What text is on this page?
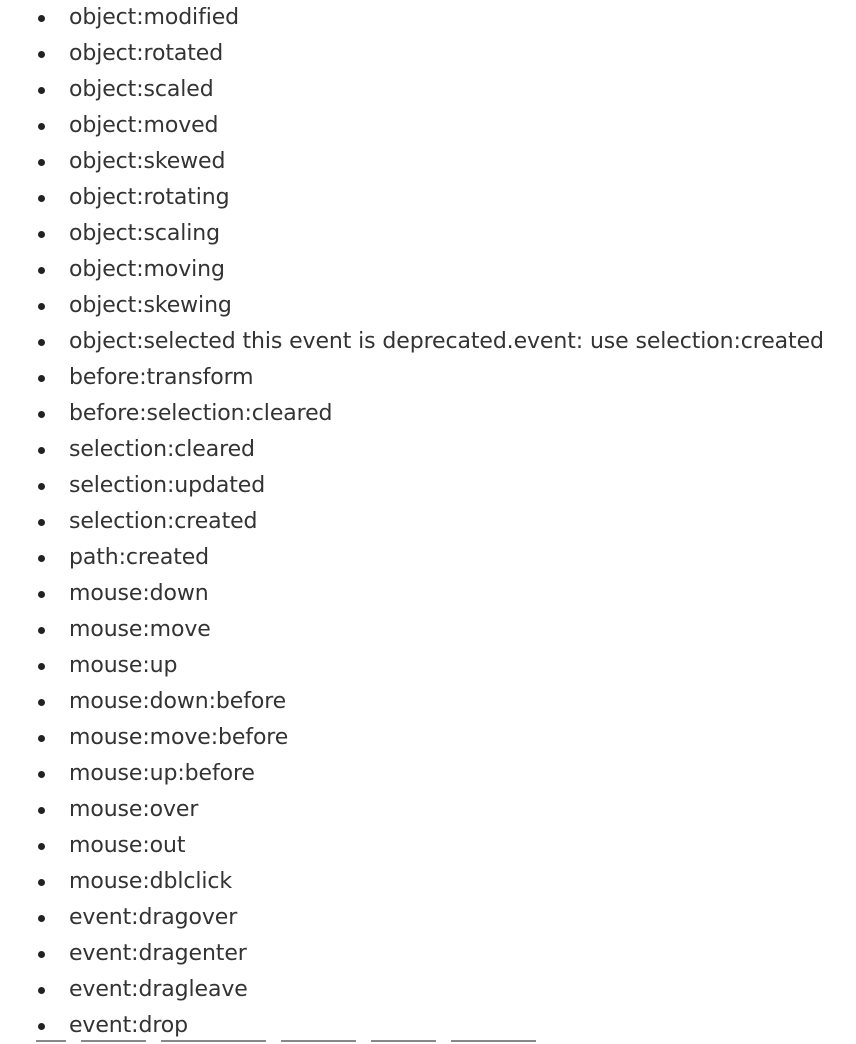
object:modified
object:rotated
object:scaled
object:moved
object:skewed
object:rotating
object:scaling
object:moving
object:skewing
object:selected this event is deprecated.event: use selection:created
before:transform
before:selection:cleared
selection:cleared
selection:updated
selection:created
path:created
mouse:down
mouse:move
mouse:up
mouse:down:before
mouse:move:before
mouse:up:before
mouse:over
mouse:out
mouse:dblclick
event:dragover
event:dragenter
event:dragleave
event:drop
